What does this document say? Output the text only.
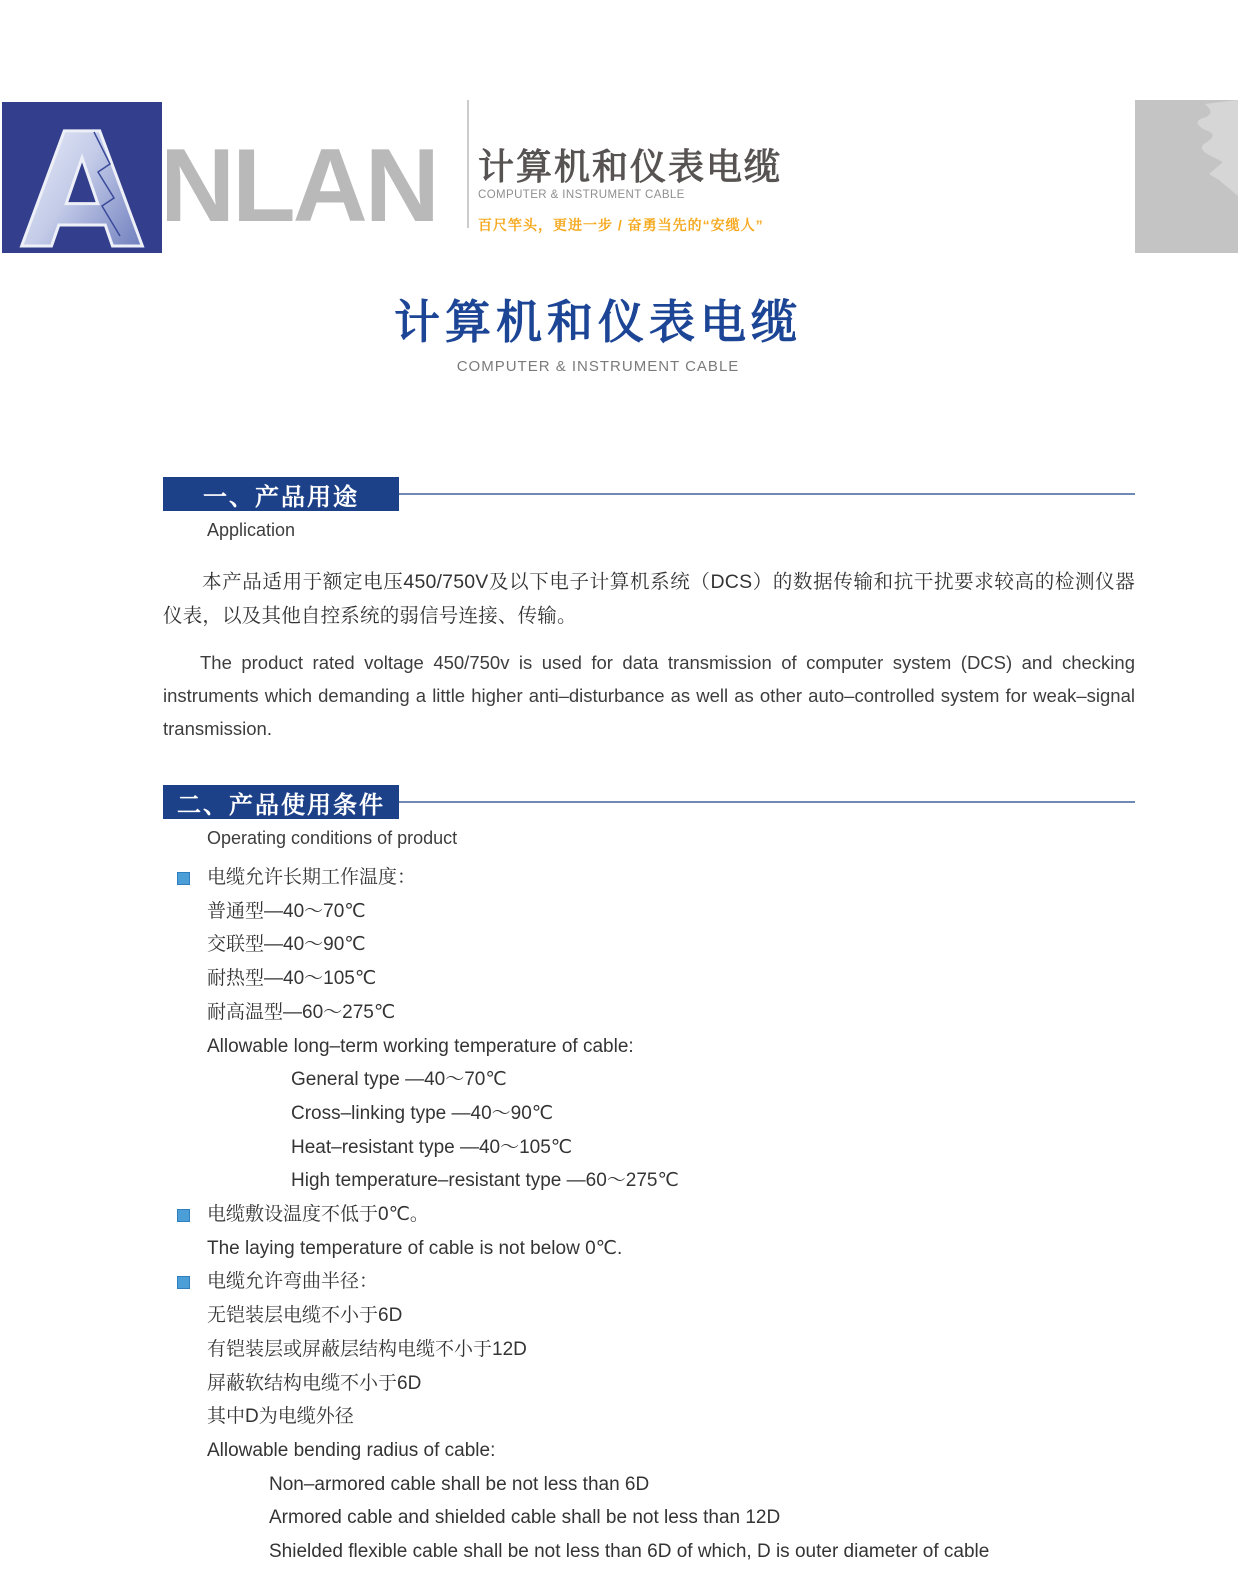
A NLAN 计算机和仪表电缆
COMPUTER & INSTRUMENT CABLE
百尺竿头，更进一步 / 奋勇当先的“安缆人”
计算机和仪表电缆
COMPUTER & INSTRUMENT CABLE
一、产品用途
Application

本产品适用于额定电压450/750V及以下电子计算机系统（DCS）的数据传输和抗干扰要求较高的检测仪器仪表，以及其他自控系统的弱信号连接、传输。

The product rated voltage 450/750v is used for data transmission of computer system (DCS) and checking instruments which demanding a little higher anti–disturbance as well as other auto–controlled system for weak–signal transmission.

二、产品使用条件
Operating conditions of product
电缆允许长期工作温度：
普通型—40～70℃
交联型—40～90℃
耐热型—40～105℃
耐高温型—60～275℃
Allowable long–term working temperature of cable:
General type —40～70℃
Cross–linking type —40～90℃
Heat–resistant type —40～105℃
High temperature–resistant type —60～275℃
电缆敷设温度不低于0℃。
The laying temperature of cable is not below 0℃.
电缆允许弯曲半径：
无铠装层电缆不小于6D
有铠装层或屏蔽层结构电缆不小于12D
屏蔽软结构电缆不小于6D
其中D为电缆外径
Allowable bending radius of cable:
Non–armored cable shall be not less than 6D
Armored cable and shielded cable shall be not less than 12D
Shielded flexible cable shall be not less than 6D of which, D is outer diameter of cable
